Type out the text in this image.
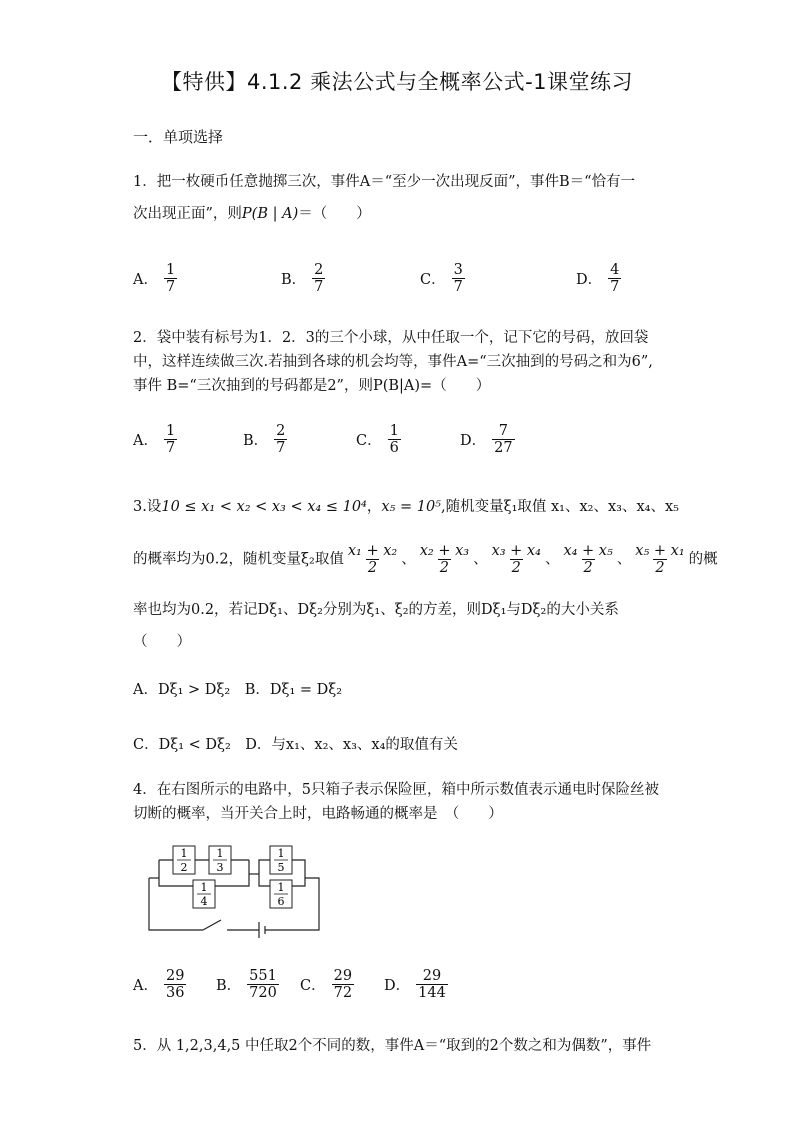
【特供】4.1.2 乘法公式与全概率公式-1课堂练习
一．单项选择
1．把一枚硬币任意抛掷三次，事件A＝“至少一次出现反面”，事件B＝“恰有一
次出现正面”，则P(B | A)＝（　　）
A． $\frac{1}{7}$	B． $\frac{2}{7}$	C． $\frac{3}{7}$	D． $\frac{4}{7}$
2．袋中装有标号为1．2．3的三个小球，从中任取一个，记下它的号码，放回袋
中，这样连续做三次.若抽到各球的机会均等，事件A=“三次抽到的号码之和为6”,
事件 B=“三次抽到的号码都是2”，则P(B|A)=（　　）
A． $\frac{1}{7}$	B． $\frac{2}{7}$	C． $\frac{1}{6}$	D． $\frac{7}{27}$
3.设10 ≤ x₁ < x₂ < x₃ < x₄ ≤ 10⁴，x₅ = 10⁵,随机变量ξ₁取值 x₁、x₂、x₃、x₄、x₅
的概率均为0.2，随机变量ξ₂取值 $\frac{\text{x₁ + x₂}}{2}$ 、 $\frac{\text{x₂ + x₃}}{2}$ 、 $\frac{\text{x₃ + x₄}}{2}$ 、 $\frac{\text{x₄ + x₅}}{2}$ 、 $\frac{\text{x₅ + x₁}}{2}$ 的概
率也均为0.2，若记Dξ₁、Dξ₂分别为ξ₁、ξ₂的方差，则Dξ₁与Dξ₂的大小关系
（　　）
A．Dξ₁ > Dξ₂　B．Dξ₁ = Dξ₂
C．Dξ₁ < Dξ₂　D．与x₁、x₂、x₃、x₄的取值有关
4．在右图所示的电路中，5只箱子表示保险匣，箱中所示数值表示通电时保险丝被
切断的概率，当开关合上时，电路畅通的概率是　（　　）
1
2
1
3
1
4
1
5
1
6
A． $\frac{29}{36}$ B． $\frac{551}{720}$ C． $\frac{29}{72}$ D． $\frac{29}{144}$
5．从 1,2,3,4,5 中任取2个不同的数，事件A＝“取到的2个数之和为偶数”，事件
